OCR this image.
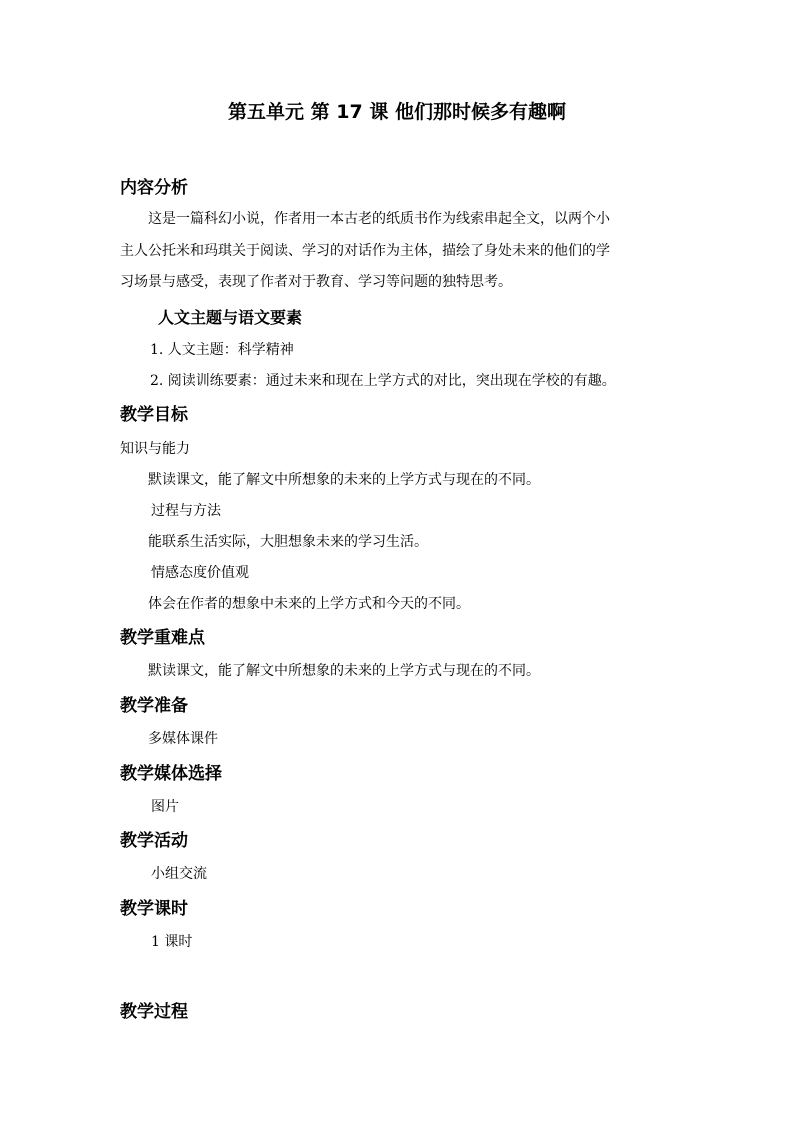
第五单元 第 17 课 他们那时候多有趣啊
内容分析
这是一篇科幻小说，作者用一本古老的纸质书作为线索串起全文，以两个小
主人公托米和玛琪关于阅读、学习的对话作为主体，描绘了身处未来的他们的学
习场景与感受，表现了作者对于教育、学习等问题的独特思考。
人文主题与语文要素
1. 人文主题：科学精神
2. 阅读训练要素：通过未来和现在上学方式的对比，突出现在学校的有趣。
教学目标
知识与能力
默读课文，能了解文中所想象的未来的上学方式与现在的不同。
过程与方法
能联系生活实际，大胆想象未来的学习生活。
情感态度价值观
体会在作者的想象中未来的上学方式和今天的不同。
教学重难点
默读课文，能了解文中所想象的未来的上学方式与现在的不同。
教学准备
多媒体课件
教学媒体选择
图片
教学活动
小组交流
教学课时
1 课时
教学过程
